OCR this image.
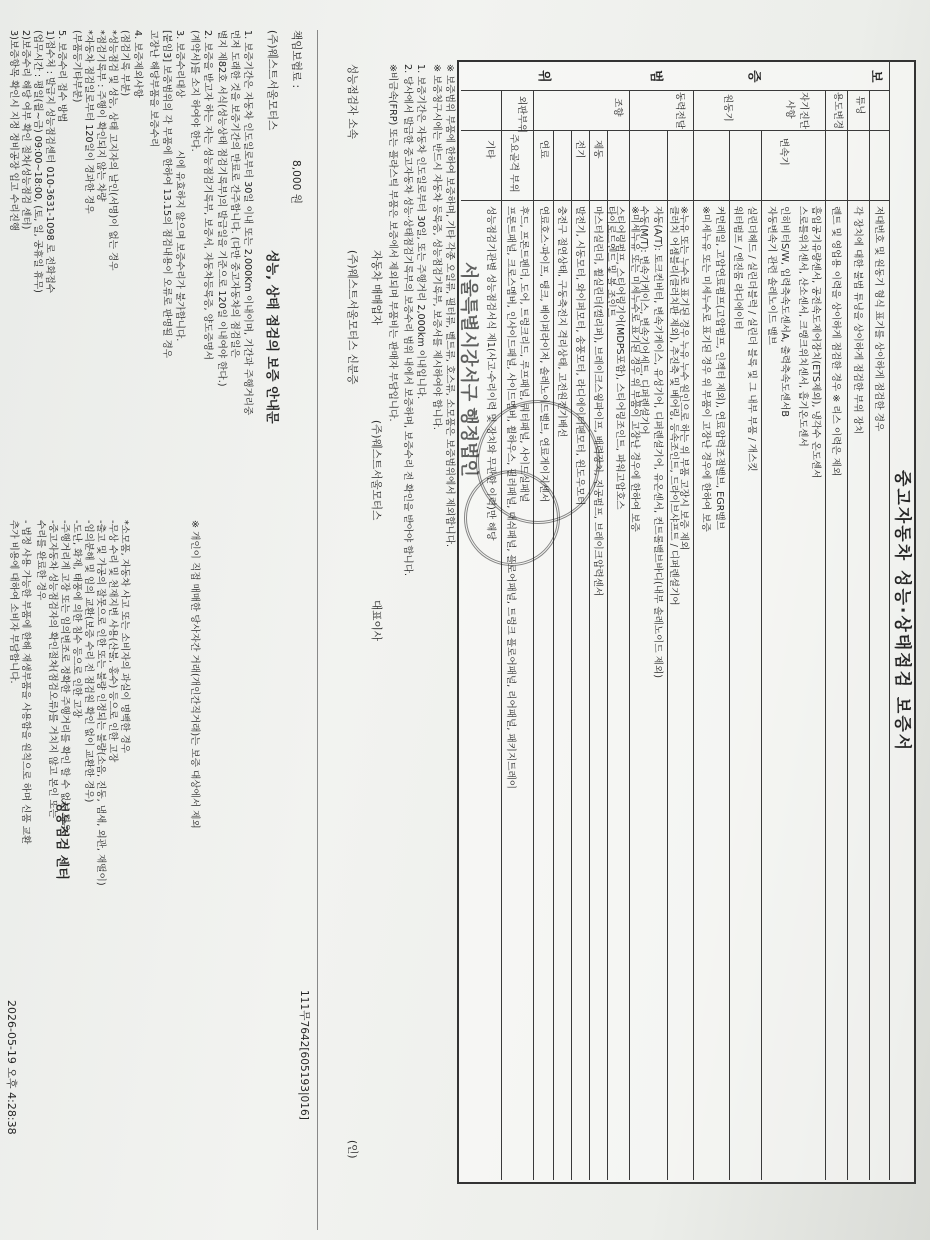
중고자동차 성능·상태점검 보증서
보
증
범
위
튜닝
용도변경
자기진단
사항
원동기
변속기
동력전달
조향
제동
전기
연료
외판부위
주요골격 부위
기타
저대번호 및 원동기 형식 표기를 상이하게 점검한 경우
각 장치에 대한 불법 튜닝을 상이하게 점검한 부위 장치
렌트 및 영업용 이력을 상이하게 점검한 경우 ※ 리스 이력은 제외
흡입공기유량센서, 공전속도제어장치(ETS제외), 냉각수 온도센서
스로틀위치센서, 산소센서, 크랭크위치센서, 흡기온도센서
인히비터S/W, 입력축속도센서A, 출력축속도센서B
자동변속기 관련 솔레노이드 밸브
실린더헤드 / 실린더블럭 / 실린더 블록 및 그 내부 부품 / 개스킷
워터펌프 / 엔진룸 라디에이터
커먼레일, 고압연료펌프(고압펌프, 인젝터 제외), 연료압력조절밸브, EGR밸브
※미세누유 또는 미세누수로 표기된 경우 위 부품이 고장난 경우에 한하여 보증
※누유 또는 누수로 표기된 경우 누유 누수 원인으로 하는 위 부품 고장시 보증 제외
클러치 어셈블리(클러치판 제외), 추진축 및 베어링, 등속조인트, 드라이브샤프트 / 디퍼렌셜기어
자동(A/T): 토크컨버터, 변속기케이스, 유성기어, 디퍼렌셜기어, 유온센서, 컨트롤밸브바디(내부 솔레노이드 제외)
수동(M/T): 변속기케이스, 변속기어세트, 디퍼렌셜기어
※미세누유 또는 미세누수로 표기된 경우 위 부품이 고장난 경우에 한하여 보증
스티어링펌프, 스티어링기어(MDPS포함), 스티어링조인트, 파워고압호스
타이로드엔드 및 볼 조인트
마스터실린더, 휠실린더(캘리퍼), 브레이크스윙파이프, 배력장치, 진공펌프, 브레이크압력센서
발전기, 시동모터, 와이퍼모터, 송풍모터, 라디에이터팬모터, 윈도우모터
충전구 절연상태, 구동축전지 격리상태, 고전원전기배선
연료호스·파이프, 탱크, 베이퍼라이저, 솔레노이드밸브, 연료게이지센서
후드, 프론트펜더, 도어, 트렁크리드, 루프패널, 쿼터패널, 사이드실패널
프론트패널, 크로스멤버, 인사이드패널, 사이드멤버, 휠하우스, 필러패널, 대쉬패널, 플로어패널, 트렁크 플로어패널, 리어패널, 패키지트레이
성능점검기관별 성능점검서식 제1(사고·수리이력 및 장치와 무관한 이력)만 해당
※ 보증범위 부품에 한하여 보증하며, 기타 각종 오일류, 필터류, 벨트류, 호스류, 소모품은 보증범위에서 제외합니다.
※ 보증청구시에는 반드시 자동차 등록증, 성능점검기록부, 보증서를 제시하여야 합니다.
1. 보증기간은 자동차 인도일로부터 30일, 또는 주행거리 2,000km 이내입니다.
2. 당사에서 발급한 중고자동차 성능·상태점검기록부의 보증수리 범위 내에서 보증하며, 보증수리 전 확인을 받아야 합니다.
※비금속(FRP) 또는 플라스틱 부품은 보증에서 제외되며 부품비는 판매자 부담입니다.
자동차 매매업자
(주)웨스트서울모터스
대표이사
성능점검자 소속
(주)웨스트서울모터스 신분증
(인)
서울특별시강서구 행정법인
111무7642[605193|016]
책임보험료 :
8,000 원
(주)웨스트서울모터스
성능, 상태 점검의 보증 안내문
1. 보증기간은 자동차 인도일로부터 30일 이내 또는 2,000Km 이내이며, 기간과 주행거리중
먼저 도래한 것을 보증기간의 만료로 간주합니다. (다만 중고자동차의 점검일은
별지 제82호 서식(성능상태 점검기록부)의 발급일을 기준으로 120일 이내여야 한다.)
2. 보증을 받고자 하는 자는 성능점검기록부, 보증서, 자동차등록증, 양도증명서
(계약서)를 소지 하여야 한다.
※ 개인이 직접 매매한 당사자간 거래(개인간직거래)는 보증 대상에서 제외
3. 보증수리대상
시에 유효하지 않으며 보증수리가 불가합니다.
[붙임3] 보증범위의 각 부품에 한하여 13.15의 점검내용이 오류로 판명될 경우
고장난 해당부품을 보증수리
4. 보증제외사항
(점검기록 부분)
*성능점검 및 성능, 상태 고지자의 날인(서명)이 없는 경우
*점검기록부 : 주행이 확인되지 않는 차량
*자동차 점검일로부터 120일이 경과한 경우
(부품등기타부분)
*소모품, 자동차 사고 또는 소비자의 과실이 명백한 경우
-무상 수리 및 천재지변 사용(산불, 홍수) 등으로 인한 고장
-출고 및 가공의 잘못으로 인한 또는 불량 인정되는 불량(소음, 진동, 냄새, 외관, 재떨이)
-임의분해 및 임의 교환(보증 수리 전 점검원 확인 없이 교환한 경우)
-도난, 화재, 태풍에 의한 침수 등으로 인한 고장
-주행거리계 고장 또는 임의변조로 정확한 주행거리를 확인 할 수 없는 경우
-중고자동차 성능점검자의 확인절차(점검오류)를 거치지 않고 본인 또는
수리를 완료한 경우
5. 보증수리 접수 방법
1)접수처 : 발급지 성능점검센터 010-3631-1098 로 전화접수
(업무시간 : 평일(월~금) 09:00~18:00, (토, 일, 공휴일 휴무)
2)보증수리 해당 여부 확인 절차(성능점검 센터)
3)보증항목 확인시 지정 정비공장 입고 수리진행
- 법정 사용 가능한 부품에 한해 재생부품을 사용함을 원칙으로 하며 신품 교환
추가 비용에 대하여 소비자 부담합니다.
성능점검 센터
2026-05-19 오후 4:28:38
